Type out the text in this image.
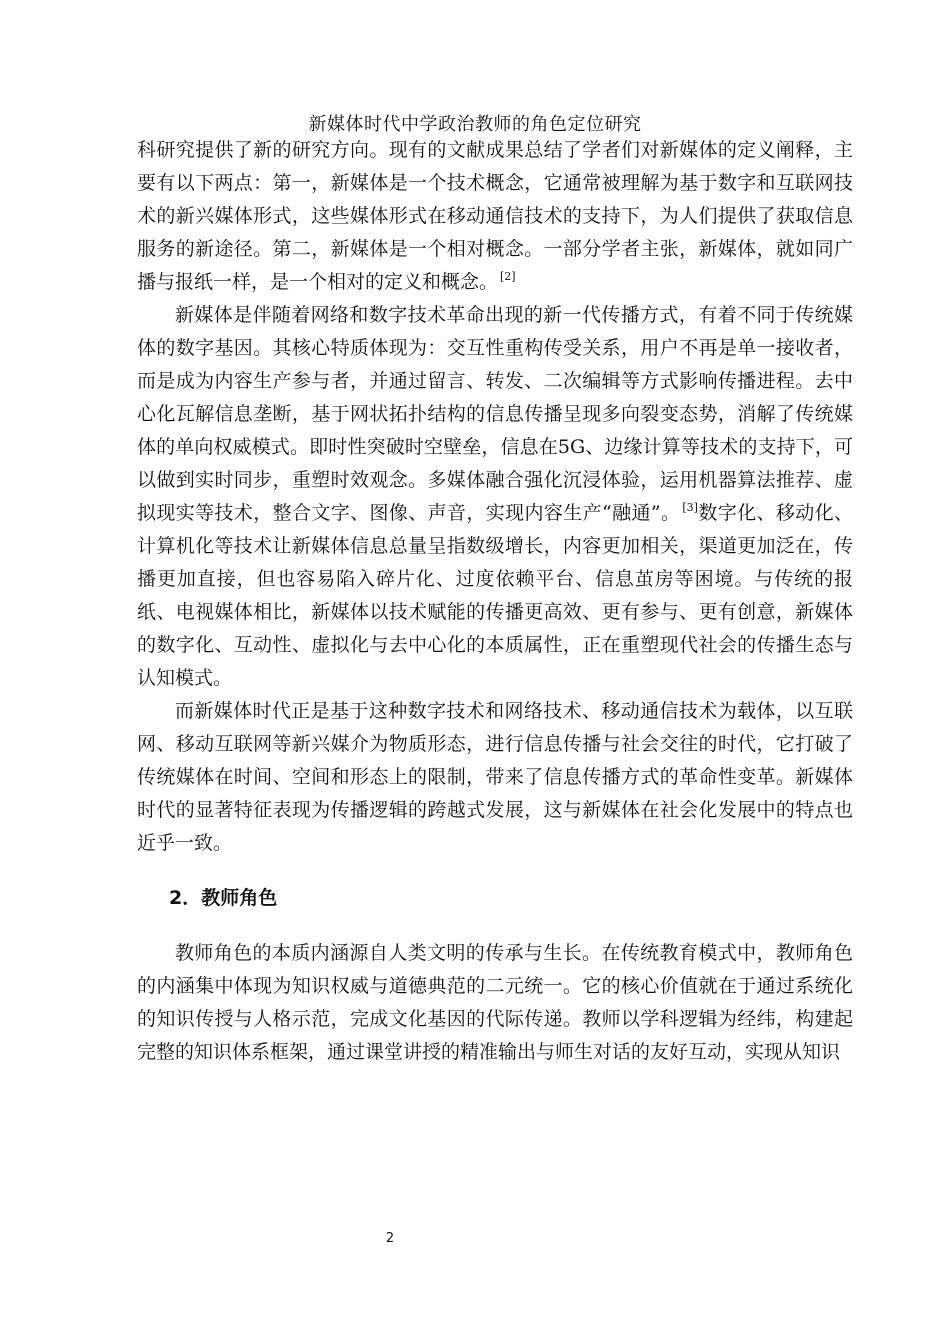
新媒体时代中学政治教师的角色定位研究

科研究提供了新的研究方向。现有的文献成果总结了学者们对新媒体的定义阐释，主要有以下两点：第一，新媒体是一个技术概念，它通常被理解为基于数字和互联网技术的新兴媒体形式，这些媒体形式在移动通信技术的支持下，为人们提供了获取信息服务的新途径。第二，新媒体是一个相对概念。一部分学者主张，新媒体，就如同广播与报纸一样，是一个相对的定义和概念。 [2]

新媒体是伴随着网络和数字技术革命出现的新一代传播方式，有着不同于传统媒体的数字基因。其核心特质体现为：交互性重构传受关系，用户不再是单一接收者，而是成为内容生产参与者，并通过留言、转发、二次编辑等方式影响传播进程。去中心化瓦解信息垄断，基于网状拓扑结构的信息传播呈现多向裂变态势，消解了传统媒体的单向权威模式。即时性突破时空壁垒，信息在5G、边缘计算等技术的支持下，可以做到实时同步，重塑时效观念。多媒体融合强化沉浸体验，运用机器算法推荐、虚拟现实等技术，整合文字、图像、声音，实现内容生产“融通”。 [3]数字化、移动化、计算机化等技术让新媒体信息总量呈指数级增长，内容更加相关，渠道更加泛在，传播更加直接，但也容易陷入碎片化、过度依赖平台、信息茧房等困境。与传统的报纸、电视媒体相比，新媒体以技术赋能的传播更高效、更有参与、更有创意，新媒体的数字化、互动性、虚拟化与去中心化的本质属性，正在重塑现代社会的传播生态与认知模式。

而新媒体时代正是基于这种数字技术和网络技术、移动通信技术为载体，以互联网、移动互联网等新兴媒介为物质形态，进行信息传播与社会交往的时代，它打破了传统媒体在时间、空间和形态上的限制，带来了信息传播方式的革命性变革。新媒体时代的显著特征表现为传播逻辑的跨越式发展，这与新媒体在社会化发展中的特点也近乎一致。

2．教师角色

教师角色的本质内涵源自人类文明的传承与生长。在传统教育模式中，教师角色的内涵集中体现为知识权威与道德典范的二元统一。它的核心价值就在于通过系统化的知识传授与人格示范，完成文化基因的代际传递。教师以学科逻辑为经纬，构建起完整的知识体系框架，通过课堂讲授的精准输出与师生对话的友好互动，实现从知识

2
